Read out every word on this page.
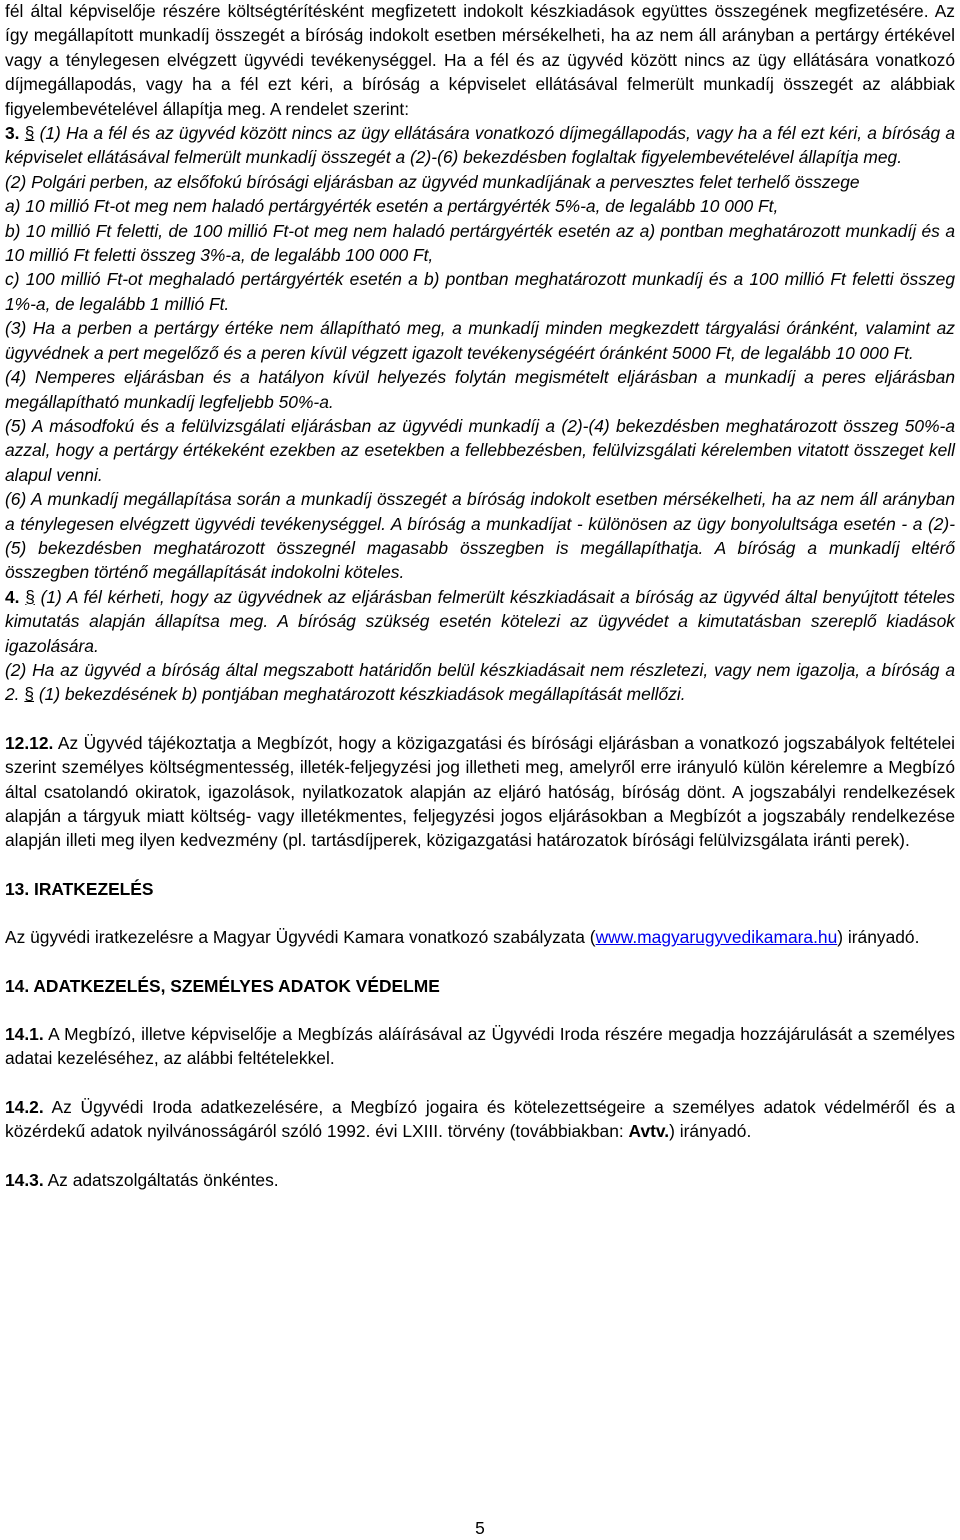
fél által képviselője részére költségtérítésként megfizetett indokolt készkiadások együttes összegének megfizetésére. Az így megállapított munkadíj összegét a bíróság indokolt esetben mérsékelheti, ha az nem áll arányban a pertárgy értékével vagy a ténylegesen elvégzett ügyvédi tevékenységgel. Ha a fél és az ügyvéd között nincs az ügy ellátására vonatkozó díjmegállapodás, vagy ha a fél ezt kéri, a bíróság a képviselet ellátásával felmerült munkadíj összegét az alábbiak figyelembevételével állapítja meg. A rendelet szerint:

3. § (1) Ha a fél és az ügyvéd között nincs az ügy ellátására vonatkozó díjmegállapodás, vagy ha a fél ezt kéri, a bíróság a képviselet ellátásával felmerült munkadíj összegét a (2)-(6) bekezdésben foglaltak figyelembevételével állapítja meg.

(2) Polgári perben, az elsőfokú bírósági eljárásban az ügyvéd munkadíjának a pervesztes felet terhelő összege

a) 10 millió Ft-ot meg nem haladó pertárgyérték esetén a pertárgyérték 5%-a, de legalább 10 000 Ft,

b) 10 millió Ft feletti, de 100 millió Ft-ot meg nem haladó pertárgyérték esetén az a) pontban meghatározott munkadíj és a 10 millió Ft feletti összeg 3%-a, de legalább 100 000 Ft,

c) 100 millió Ft-ot meghaladó pertárgyérték esetén a b) pontban meghatározott munkadíj és a 100 millió Ft feletti összeg 1%-a, de legalább 1 millió Ft.

(3) Ha a perben a pertárgy értéke nem állapítható meg, a munkadíj minden megkezdett tárgyalási óránként, valamint az ügyvédnek a pert megelőző és a peren kívül végzett igazolt tevékenységéért óránként 5000 Ft, de legalább 10 000 Ft.

(4) Nemperes eljárásban és a hatályon kívül helyezés folytán megismételt eljárásban a munkadíj a peres eljárásban megállapítható munkadíj legfeljebb 50%-a.

(5) A másodfokú és a felülvizsgálati eljárásban az ügyvédi munkadíj a (2)-(4) bekezdésben meghatározott összeg 50%-a azzal, hogy a pertárgy értékeként ezekben az esetekben a fellebbezésben, felülvizsgálati kérelemben vitatott összeget kell alapul venni.

(6) A munkadíj megállapítása során a munkadíj összegét a bíróság indokolt esetben mérsékelheti, ha az nem áll arányban a ténylegesen elvégzett ügyvédi tevékenységgel. A bíróság a munkadíjat - különösen az ügy bonyolultsága esetén - a (2)-(5) bekezdésben meghatározott összegnél magasabb összegben is megállapíthatja. A bíróság a munkadíj eltérő összegben történő megállapítását indokolni köteles.

4. § (1) A fél kérheti, hogy az ügyvédnek az eljárásban felmerült készkiadásait a bíróság az ügyvéd által benyújtott tételes kimutatás alapján állapítsa meg. A bíróság szükség esetén kötelezi az ügyvédet a kimutatásban szereplő kiadások igazolására.

(2) Ha az ügyvéd a bíróság által megszabott határidőn belül készkiadásait nem részletezi, vagy nem igazolja, a bíróság a 2. § (1) bekezdésének b) pontjában meghatározott készkiadások megállapítását mellőzi.

12.12. Az Ügyvéd tájékoztatja a Megbízót, hogy a közigazgatási és bírósági eljárásban a vonatkozó jogszabályok feltételei szerint személyes költségmentesség, illeték-feljegyzési jog illetheti meg, amelyről erre irányuló külön kérelemre a Megbízó által csatolandó okiratok, igazolások, nyilatkozatok alapján az eljáró hatóság, bíróság dönt. A jogszabályi rendelkezések alapján a tárgyuk miatt költség- vagy illetékmentes, feljegyzési jogos eljárásokban a Megbízót a jogszabály rendelkezése alapján illeti meg ilyen kedvezmény (pl. tartásdíjperek, közigazgatási határozatok bírósági felülvizsgálata iránti perek).

13. IRATKEZELÉS

Az ügyvédi iratkezelésre a Magyar Ügyvédi Kamara vonatkozó szabályzata (www.magyarugyvedikamara.hu) irányadó.

14. ADATKEZELÉS, SZEMÉLYES ADATOK VÉDELME

14.1. A Megbízó, illetve képviselője a Megbízás aláírásával az Ügyvédi Iroda részére megadja hozzájárulását a személyes adatai kezeléséhez, az alábbi feltételekkel.

14.2. Az Ügyvédi Iroda adatkezelésére, a Megbízó jogaira és kötelezettségeire a személyes adatok védelméről és a közérdekű adatok nyilvánosságáról szóló 1992. évi LXIII. törvény (továbbiakban: Avtv.) irányadó.

14.3. Az adatszolgáltatás önkéntes.

5
